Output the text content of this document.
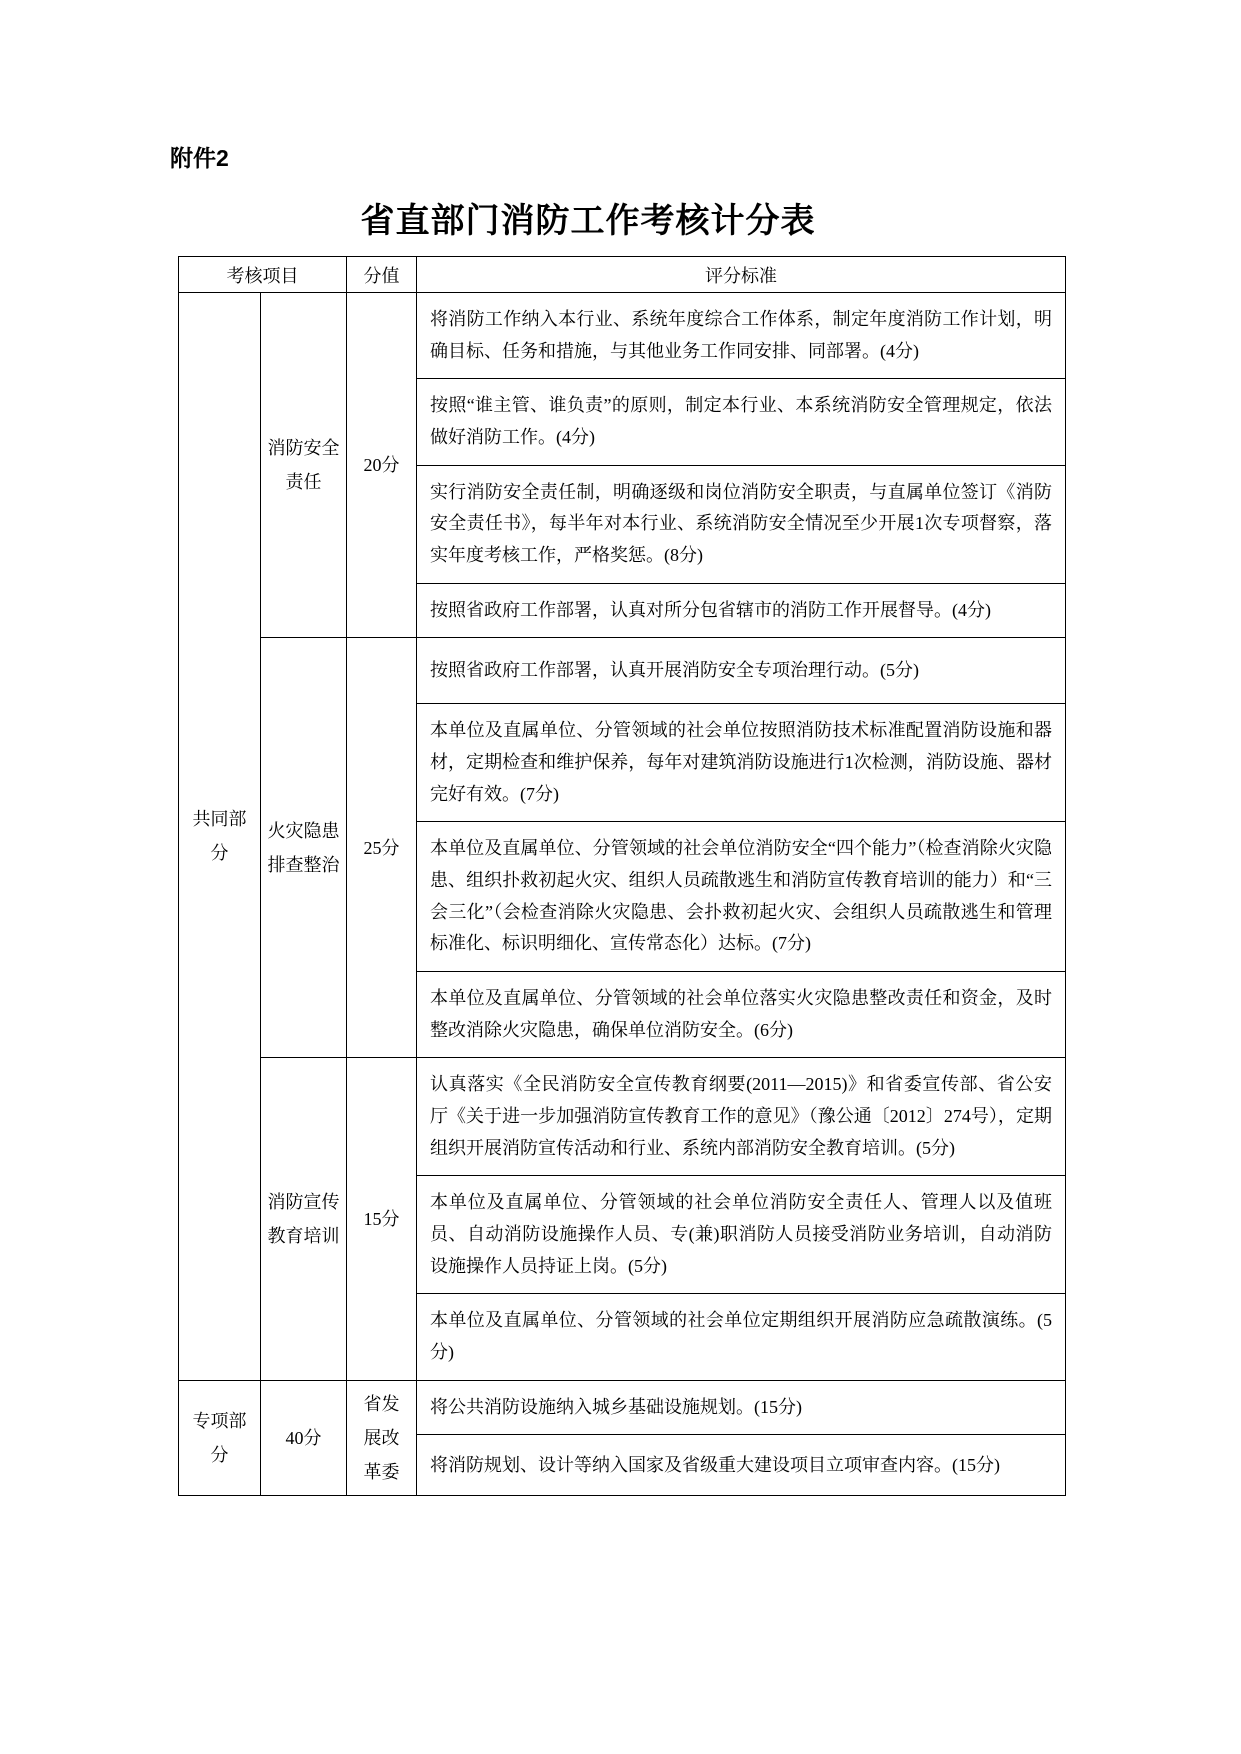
附件2
省直部门消防工作考核计分表
考核项目		分值	评分标准
共同部分	消防安全责任	20分	将消防工作纳入本行业、系统年度综合工作体系，制定年度消防工作计划，明确目标、任务和措施，与其他业务工作同安排、同部署。(4分)
			按照“谁主管、谁负责”的原则，制定本行业、本系统消防安全管理规定，依法做好消防工作。(4分)
			实行消防安全责任制，明确逐级和岗位消防安全职责，与直属单位签订《消防安全责任书》，每半年对本行业、系统消防安全情况至少开展1次专项督察，落实年度考核工作，严格奖惩。(8分)
			按照省政府工作部署，认真对所分包省辖市的消防工作开展督导。(4分)
	火灾隐患排查整治	25分	按照省政府工作部署，认真开展消防安全专项治理行动。(5分)
			本单位及直属单位、分管领域的社会单位按照消防技术标准配置消防设施和器材，定期检查和维护保养，每年对建筑消防设施进行1次检测，消防设施、器材完好有效。(7分)
			本单位及直属单位、分管领域的社会单位消防安全“四个能力”（检查消除火灾隐患、组织扑救初起火灾、组织人员疏散逃生和消防宣传教育培训的能力）和“三会三化”（会检查消除火灾隐患、会扑救初起火灾、会组织人员疏散逃生和管理标准化、标识明细化、宣传常态化）达标。(7分)
			本单位及直属单位、分管领域的社会单位落实火灾隐患整改责任和资金，及时整改消除火灾隐患，确保单位消防安全。(6分)
	消防宣传教育培训	15分	认真落实《全民消防安全宣传教育纲要(2011—2015)》和省委宣传部、省公安厅《关于进一步加强消防宣传教育工作的意见》（豫公通〔2012〕274号），定期组织开展消防宣传活动和行业、系统内部消防安全教育培训。(5分)
			本单位及直属单位、分管领域的社会单位消防安全责任人、管理人以及值班员、自动消防设施操作人员、专(兼)职消防人员接受消防业务培训，自动消防设施操作人员持证上岗。(5分)
			本单位及直属单位、分管领域的社会单位定期组织开展消防应急疏散演练。(5分)
专项部分	40分	省发展改革委	将公共消防设施纳入城乡基础设施规划。(15分)
			将消防规划、设计等纳入国家及省级重大建设项目立项审查内容。(15分)
